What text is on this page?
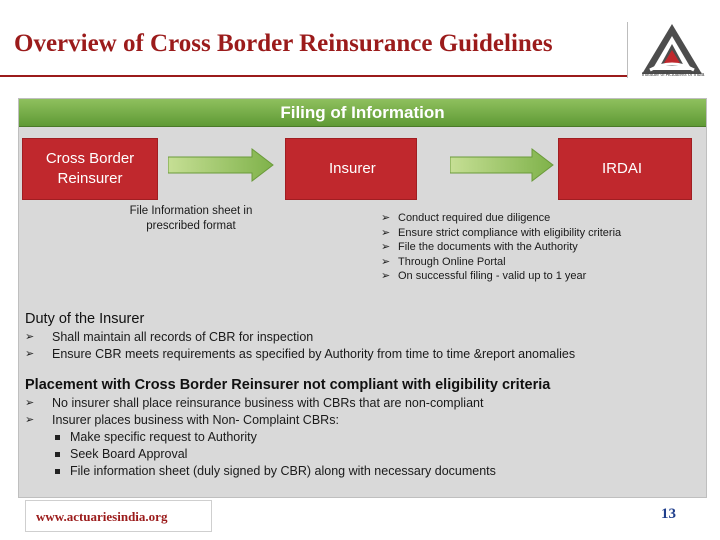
Overview of Cross Border Reinsurance Guidelines
Institute of Actuaries of India
Filing of Information
Cross Border Reinsurer
Insurer	IRDAI
File Information sheet in prescribed format
➢ Conduct required due diligence
➢ Ensure strict compliance with eligibility criteria
➢ File the documents with the Authority
➢ Through Online Portal
➢ On successful filing - valid up to 1 year
Duty of the Insurer
➢ Shall maintain all records of CBR for inspection
➢ Ensure CBR meets requirements as specified by Authority from time to time &report anomalies
Placement with Cross Border Reinsurer not compliant with eligibility criteria
➢ No insurer shall place reinsurance business with CBRs that are non-compliant
➢ Insurer places business with Non- Complaint CBRs:
Make specific request to Authority
Seek Board Approval
File information sheet (duly signed by CBR) along with necessary documents
www.actuariesindia.org	13
